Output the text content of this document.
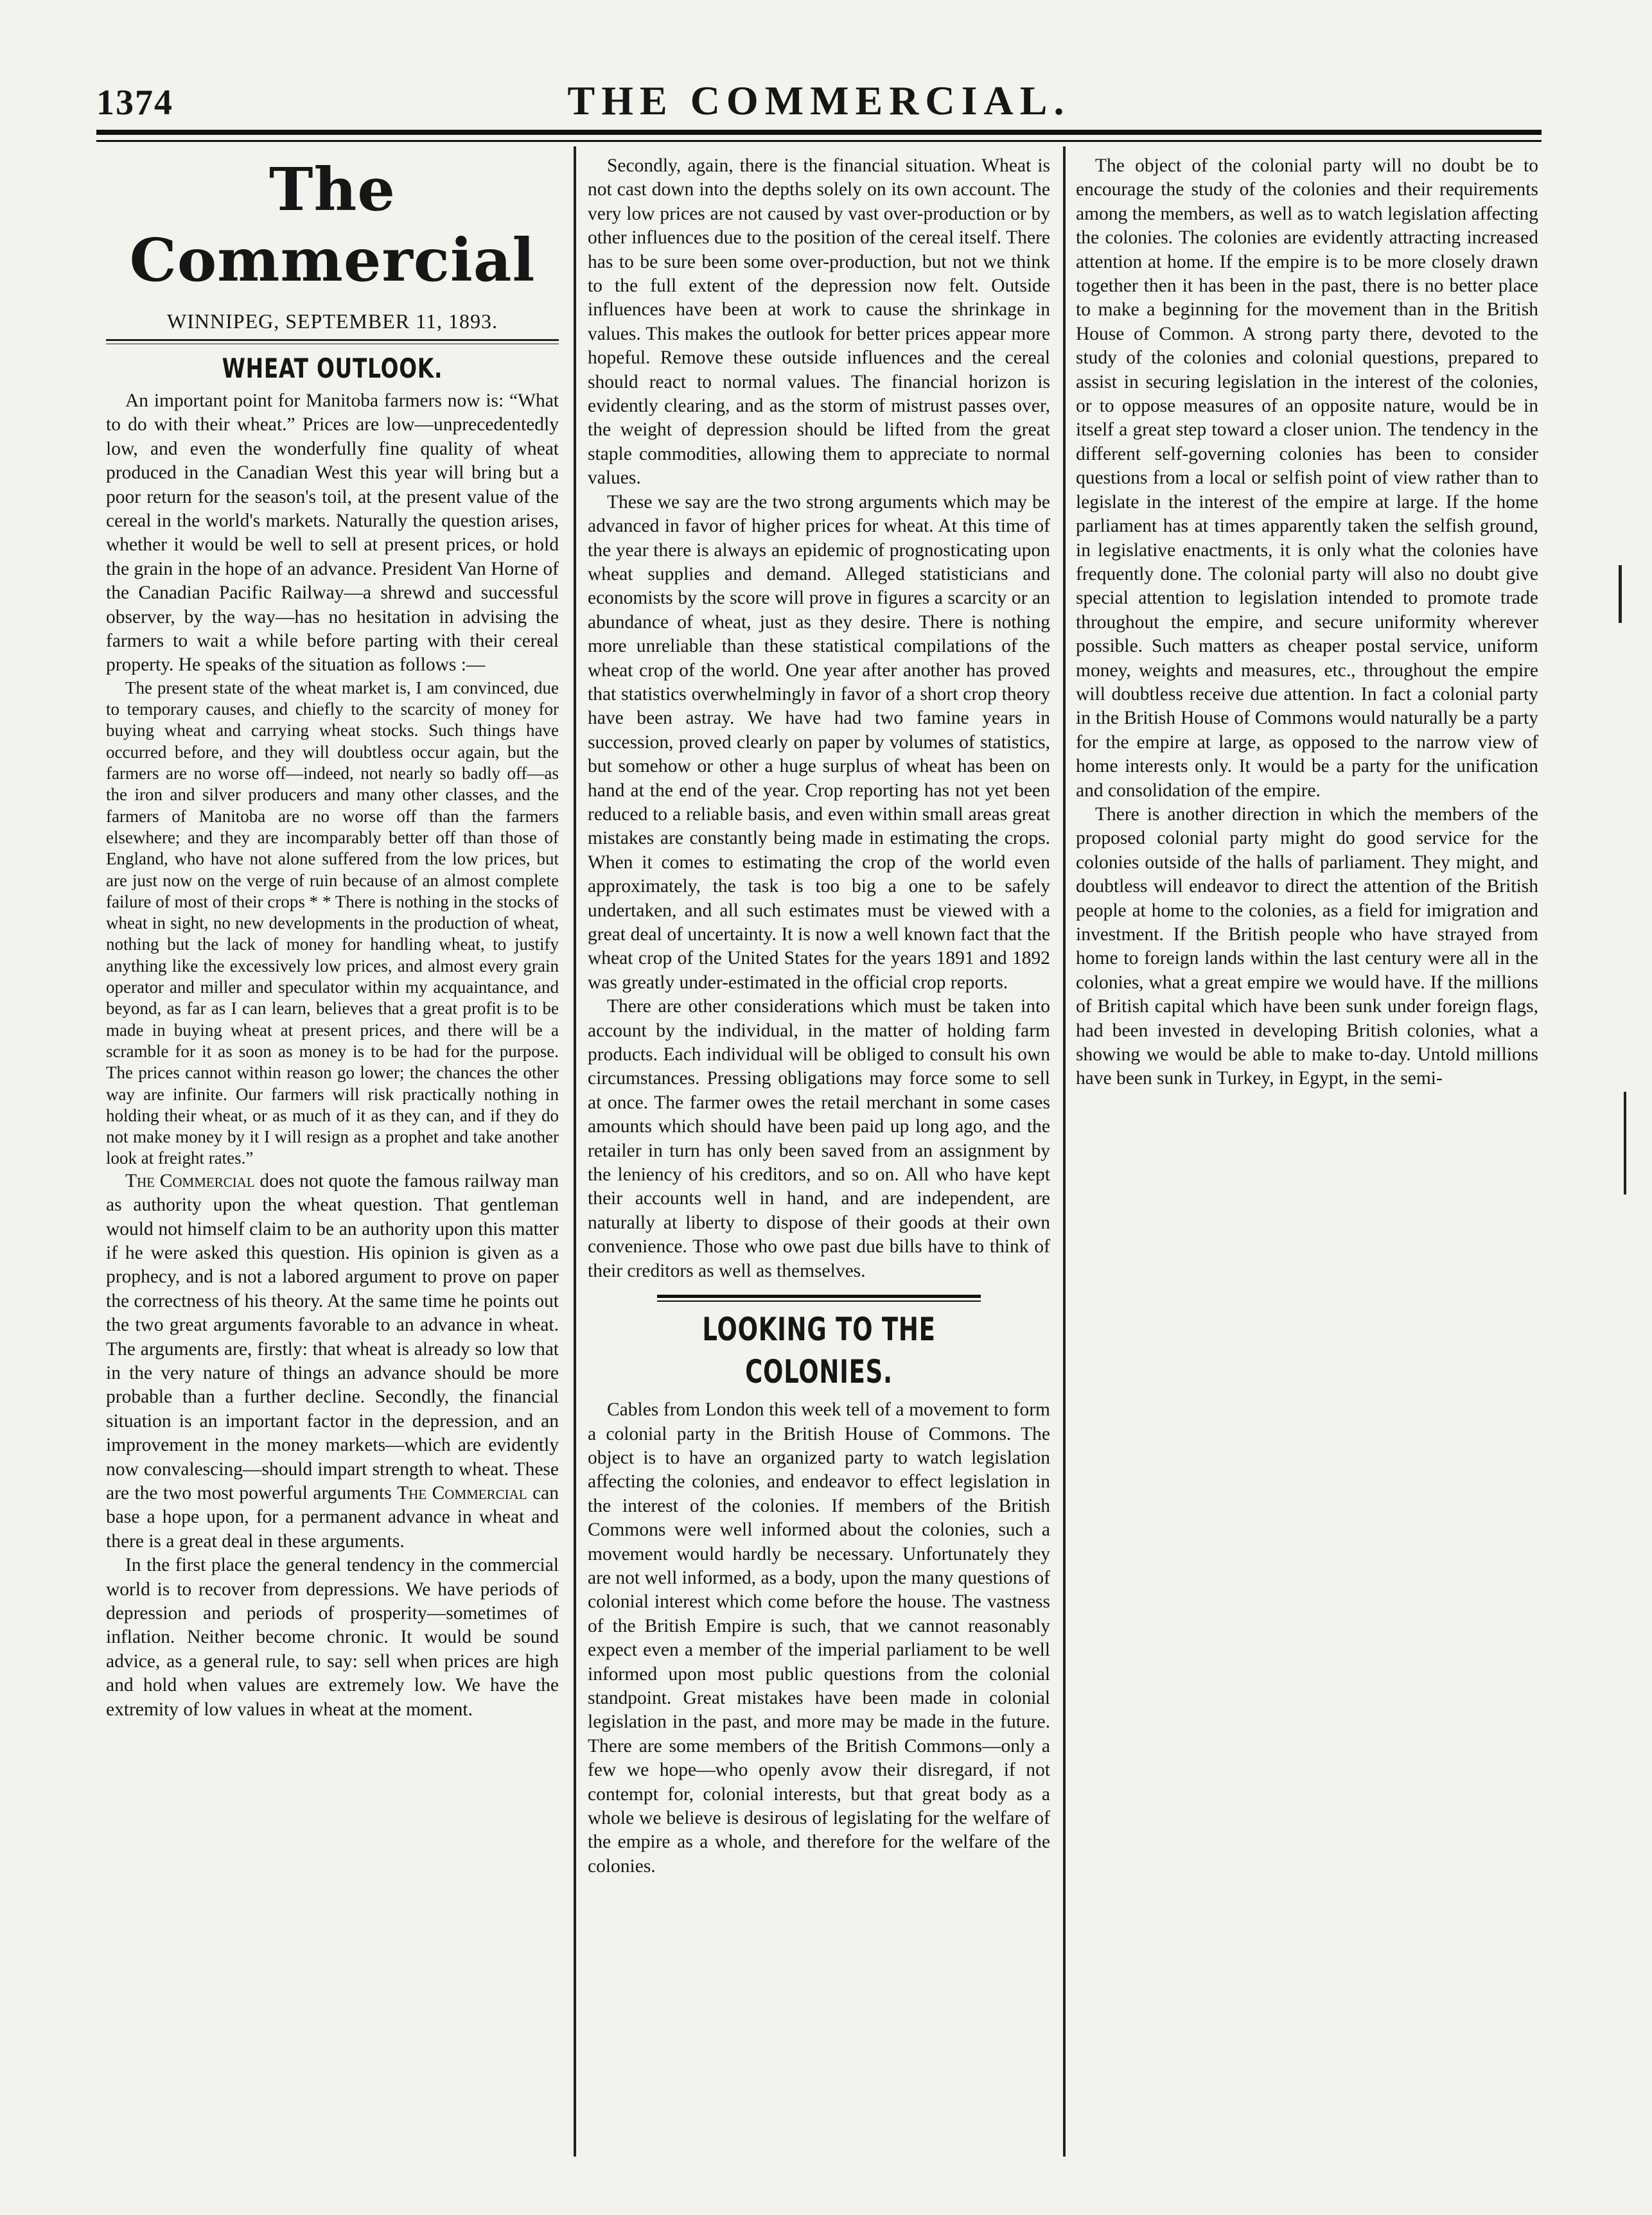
THE COMMERCIAL.
1374
The Commercial
WINNIPEG, SEPTEMBER 11, 1893.
WHEAT OUTLOOK.

An important point for Manitoba farmers now is: “What to do with their wheat.” Prices are low—unprecedentedly low, and even the wonderfully fine quality of wheat produced in the Canadian West this year will bring but a poor return for the season's toil, at the present value of the cereal in the world's markets. Naturally the question arises, whether it would be well to sell at present prices, or hold the grain in the hope of an advance. President Van Horne of the Canadian Pacific Railway—a shrewd and successful observer, by the way—has no hesitation in advising the farmers to wait a while before parting with their cereal property. He speaks of the situation as follows :—

The present state of the wheat market is, I am convinced, due to temporary causes, and chiefly to the scarcity of money for buying wheat and carrying wheat stocks. Such things have occurred before, and they will doubtless occur again, but the farmers are no worse off—indeed, not nearly so badly off—as the iron and silver producers and many other classes, and the farmers of Manitoba are no worse off than the farmers elsewhere; and they are incomparably better off than those of England, who have not alone suffered from the low prices, but are just now on the verge of ruin because of an almost complete failure of most of their crops * * There is nothing in the stocks of wheat in sight, no new developments in the production of wheat, nothing but the lack of money for handling wheat, to justify anything like the excessively low prices, and almost every grain operator and miller and speculator within my acquaintance, and beyond, as far as I can learn, believes that a great profit is to be made in buying wheat at present prices, and there will be a scramble for it as soon as money is to be had for the purpose. The prices cannot within reason go lower; the chances the other way are infinite. Our farmers will risk practically nothing in holding their wheat, or as much of it as they can, and if they do not make money by it I will resign as a prophet and take another look at freight rates.”

The Commercial does not quote the famous railway man as authority upon the wheat question. That gentleman would not himself claim to be an authority upon this matter if he were asked this question. His opinion is given as a prophecy, and is not a labored argument to prove on paper the correctness of his theory. At the same time he points out the two great arguments favorable to an advance in wheat. The arguments are, firstly: that wheat is already so low that in the very nature of things an advance should be more probable than a further decline. Secondly, the financial situation is an important factor in the depression, and an improvement in the money markets—which are evidently now convalescing—should impart strength to wheat. These are the two most powerful arguments The Commercial can base a hope upon, for a permanent advance in wheat and there is a great deal in these arguments.

In the first place the general tendency in the commercial world is to recover from depressions. We have periods of depression and periods of prosperity—sometimes of inflation. Neither become chronic. It would be sound advice, as a general rule, to say: sell when prices are high and hold when values are extremely low. We have the extremity of low values in wheat at the moment.

Secondly, again, there is the financial situation. Wheat is not cast down into the depths solely on its own account. The very low prices are not caused by vast over-production or by other influences due to the position of the cereal itself. There has to be sure been some over-production, but not we think to the full extent of the depression now felt. Outside influences have been at work to cause the shrinkage in values. This makes the outlook for better prices appear more hopeful. Remove these outside influences and the cereal should react to normal values. The financial horizon is evidently clearing, and as the storm of mistrust passes over, the weight of depression should be lifted from the great staple commodities, allowing them to appreciate to normal values.

These we say are the two strong arguments which may be advanced in favor of higher prices for wheat. At this time of the year there is always an epidemic of prognosticating upon wheat supplies and demand. Alleged statisticians and economists by the score will prove in figures a scarcity or an abundance of wheat, just as they desire. There is nothing more unreliable than these statistical compilations of the wheat crop of the world. One year after another has proved that statistics overwhelmingly in favor of a short crop theory have been astray. We have had two famine years in succession, proved clearly on paper by volumes of statistics, but somehow or other a huge surplus of wheat has been on hand at the end of the year. Crop reporting has not yet been reduced to a reliable basis, and even within small areas great mistakes are constantly being made in estimating the crops. When it comes to estimating the crop of the world even approximately, the task is too big a one to be safely undertaken, and all such estimates must be viewed with a great deal of uncertainty. It is now a well known fact that the wheat crop of the United States for the years 1891 and 1892 was greatly under-estimated in the official crop reports.

There are other considerations which must be taken into account by the individual, in the matter of holding farm products. Each individual will be obliged to consult his own circumstances. Pressing obligations may force some to sell at once. The farmer owes the retail merchant in some cases amounts which should have been paid up long ago, and the retailer in turn has only been saved from an assignment by the leniency of his creditors, and so on. All who have kept their accounts well in hand, and are independent, are naturally at liberty to dispose of their goods at their own convenience. Those who owe past due bills have to think of their creditors as well as themselves.

LOOKING TO THE COLONIES.

Cables from London this week tell of a movement to form a colonial party in the British House of Commons. The object is to have an organized party to watch legislation affecting the colonies, and endeavor to effect legislation in the interest of the colonies. If members of the British Commons were well informed about the colonies, such a movement would hardly be necessary. Unfortunately they are not well informed, as a body, upon the many questions of colonial interest which come before the house. The vastness of the British Empire is such, that we cannot reasonably expect even a member of the imperial parliament to be well informed upon most public questions from the colonial standpoint. Great mistakes have been made in colonial legislation in the past, and more may be made in the future. There are some members of the British Commons—only a few we hope—who openly avow their disregard, if not contempt for, colonial interests, but that great body as a whole we believe is desirous of legislating for the welfare of the empire as a whole, and therefore for the welfare of the colonies.

The object of the colonial party will no doubt be to encourage the study of the colonies and their requirements among the members, as well as to watch legislation affecting the colonies. The colonies are evidently attracting increased attention at home. If the empire is to be more closely drawn together then it has been in the past, there is no better place to make a beginning for the movement than in the British House of Common. A strong party there, devoted to the study of the colonies and colonial questions, prepared to assist in securing legislation in the interest of the colonies, or to oppose measures of an opposite nature, would be in itself a great step toward a closer union. The tendency in the different self-governing colonies has been to consider questions from a local or selfish point of view rather than to legislate in the interest of the empire at large. If the home parliament has at times apparently taken the selfish ground, in legislative enactments, it is only what the colonies have frequently done. The colonial party will also no doubt give special attention to legislation intended to promote trade throughout the empire, and secure uniformity wherever possible. Such matters as cheaper postal service, uniform money, weights and measures, etc., throughout the empire will doubtless receive due attention. In fact a colonial party in the British House of Commons would naturally be a party for the empire at large, as opposed to the narrow view of home interests only. It would be a party for the unification and consolidation of the empire.

There is another direction in which the members of the proposed colonial party might do good service for the colonies outside of the halls of parliament. They might, and doubtless will endeavor to direct the attention of the British people at home to the colonies, as a field for imigration and investment. If the British people who have strayed from home to foreign lands within the last century were all in the colonies, what a great empire we would have. If the millions of British capital which have been sunk under foreign flags, had been invested in developing British colonies, what a showing we would be able to make to-day. Untold millions have been sunk in Turkey, in Egypt, in the semi-
